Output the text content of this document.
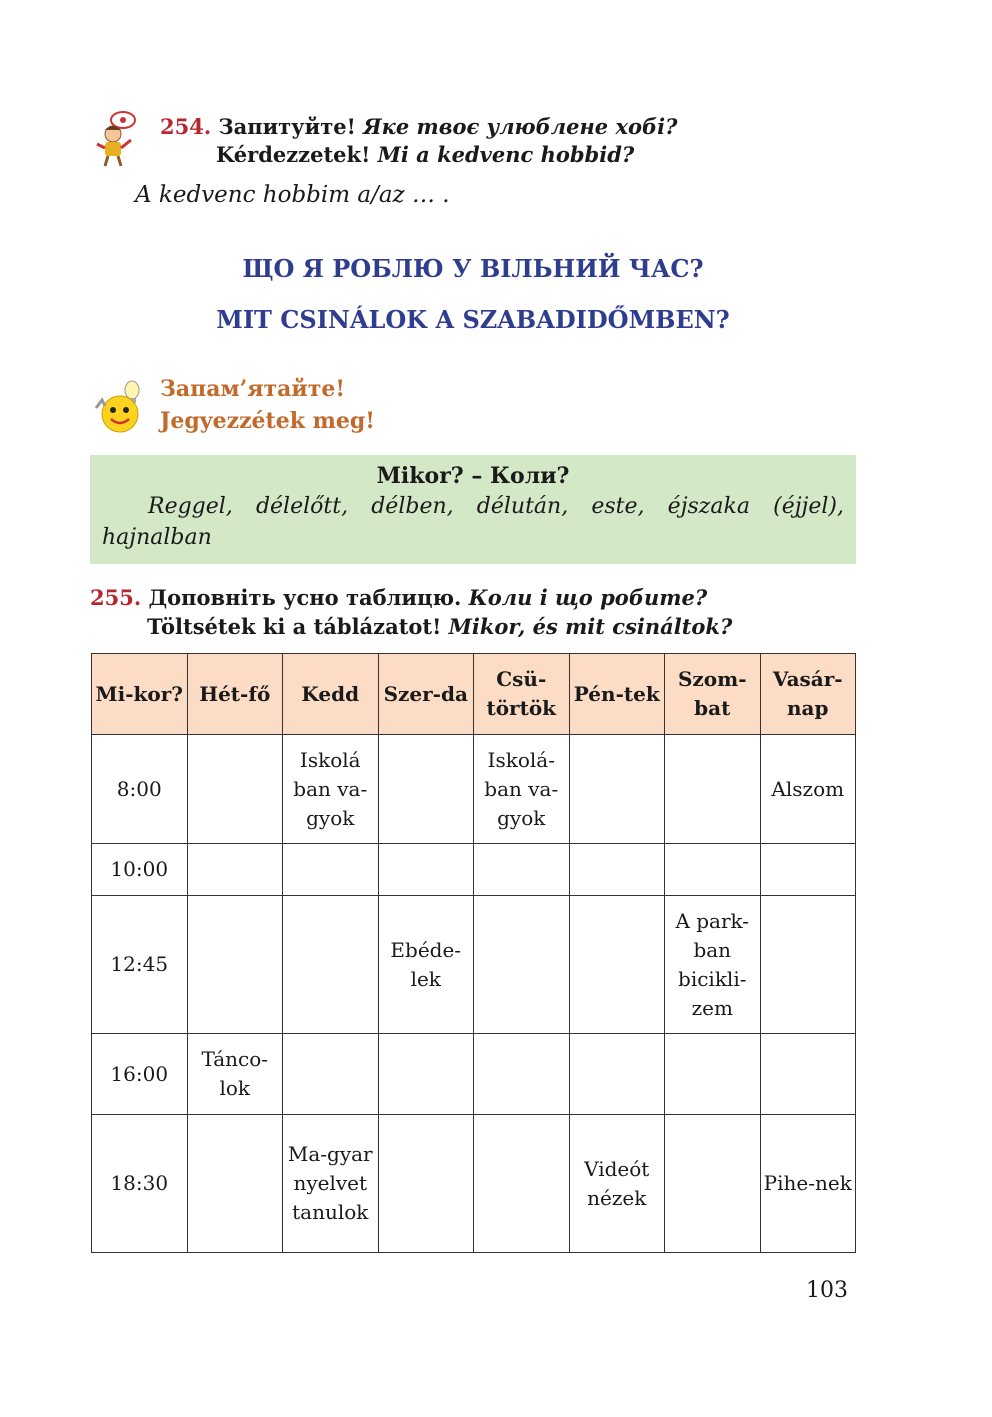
254. Запитуйте! Яке твоє улюблене хобі?
Kérdezzetek! Mi a kedvenc hobbid?
A kedvenc hobbim a/az … .
ЩО Я РОБЛЮ У ВІЛЬНИЙ ЧАС?
MIT CSINÁLOK A SZABADIDŐMBEN?
Запам’ятайте!
Jegyezzétek meg!
Mikor? – Коли?
Reggel, délelőtt, délben, délután, este, éjszaka (éjjel), hajnalban
255. Доповніть усно таблицю. Коли і що робите?
Töltsétek ki a táblázatot! Mikor, és mit csináltok?
Mi-kor?	Hét-fő	Kedd	Szer-da	Csü-törtök	Pén-tek	Szom-bat	Vasár-nap
8:00		Iskolá ban va-gyok		Iskolá-ban va-gyok			Alszom
10:00							
12:45			Ebéde-lek			A park-ban bicikli-zem	
16:00	Tánco-lok						
18:30		Ma-gyar nyelvet tanulok			Videót nézek		Pihe-nek
103
